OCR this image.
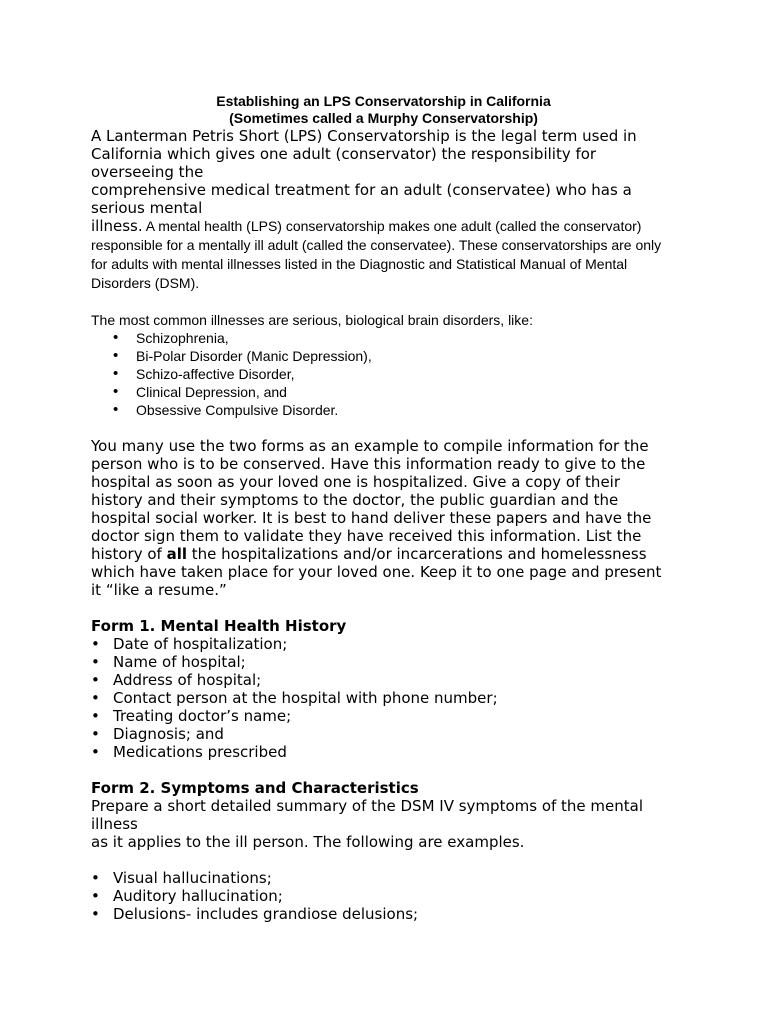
Establishing an LPS Conservatorship in California

(Sometimes called a Murphy Conservatorship)

A Lanterman Petris Short (LPS) Conservatorship is the legal term used in California which gives one adult (conservator) the responsibility for overseeing the

comprehensive medical treatment for an adult (conservatee) who has a serious mental

illness. A mental health (LPS) conservatorship makes one adult (called the conservator) responsible for a mentally ill adult (called the conservatee). These conservatorships are only for adults with mental illnesses listed in the Diagnostic and Statistical Manual of Mental Disorders (DSM).

The most common illnesses are serious, biological brain disorders, like:

• Schizophrenia,
• Bi-Polar Disorder (Manic Depression),
• Schizo-affective Disorder,
• Clinical Depression, and
• Obsessive Compulsive Disorder.

You many use the two forms as an example to compile information for the person who is to be conserved. Have this information ready to give to the hospital as soon as your loved one is hospitalized. Give a copy of their history and their symptoms to the doctor, the public guardian and the hospital social worker. It is best to hand deliver these papers and have the doctor sign them to validate they have received this information. List the history of all the hospitalizations and/or incarcerations and homelessness which have taken place for your loved one. Keep it to one page and present it “like a resume.”

Form 1. Mental Health History

• Date of hospitalization;
• Name of hospital;
• Address of hospital;
• Contact person at the hospital with phone number;
• Treating doctor’s name;
• Diagnosis; and
• Medications prescribed

Form 2. Symptoms and Characteristics

Prepare a short detailed summary of the DSM IV symptoms of the mental illness

as it applies to the ill person. The following are examples.

• Visual hallucinations;
• Auditory hallucination;
• Delusions- includes grandiose delusions;
